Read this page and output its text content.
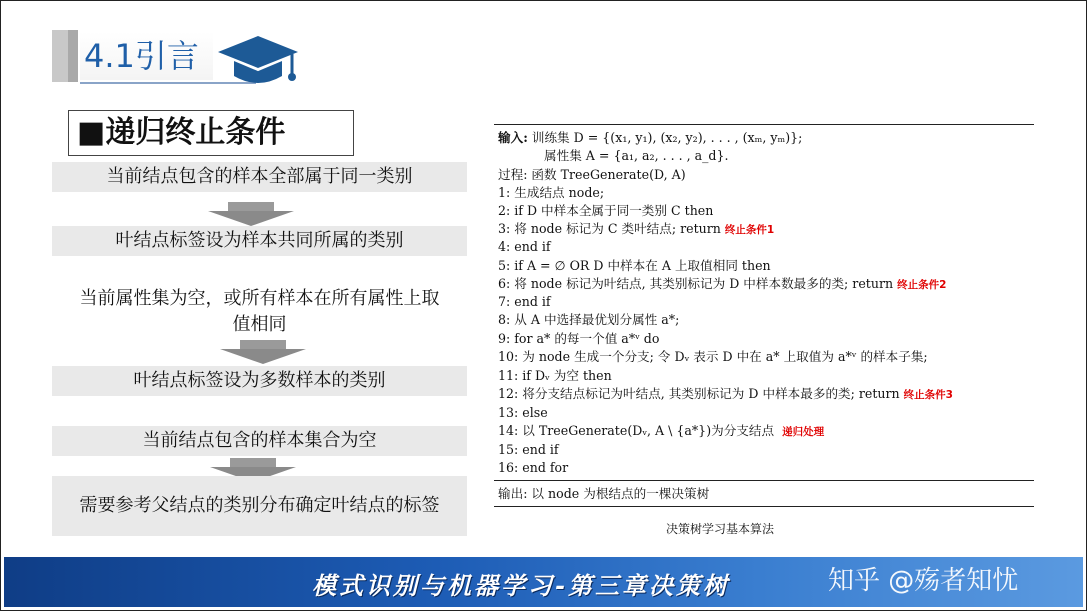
4.1引言
■递归终止条件
当前结点包含的样本全部属于同一类别
叶结点标签设为样本共同所属的类别
当前属性集为空，或所有样本在所有属性上取值相同
叶结点标签设为多数样本的类别
当前结点包含的样本集合为空
需要参考父结点的类别分布确定叶结点的标签
输入: 训练集 D = {(x₁, y₁), (x₂, y₂), . . . , (xₘ, yₘ)};
属性集 A = {a₁, a₂, . . . , a_d}.
过程: 函数 TreeGenerate(D, A)
1: 生成结点 node;
2: if D 中样本全属于同一类别 C then
3: 将 node 标记为 C 类叶结点; return 终止条件1
4: end if
5: if A = ∅ OR D 中样本在 A 上取值相同 then
6: 将 node 标记为叶结点, 其类别标记为 D 中样本数最多的类; return 终止条件2
7: end if
8: 从 A 中选择最优划分属性 a*;
9: for a* 的每一个值 a*ᵛ do
10: 为 node 生成一个分支; 令 Dᵥ 表示 D 中在 a* 上取值为 a*ᵛ 的样本子集;
11: if Dᵥ 为空 then
12: 将分支结点标记为叶结点, 其类别标记为 D 中样本最多的类; return 终止条件3
13: else
14: 以 TreeGenerate(Dᵥ, A \ {a*})为分支结点 递归处理
15: end if
16: end for
输出: 以 node 为根结点的一棵决策树
决策树学习基本算法
模式识别与机器学习-第三章决策树	知乎 @殇者知忧
